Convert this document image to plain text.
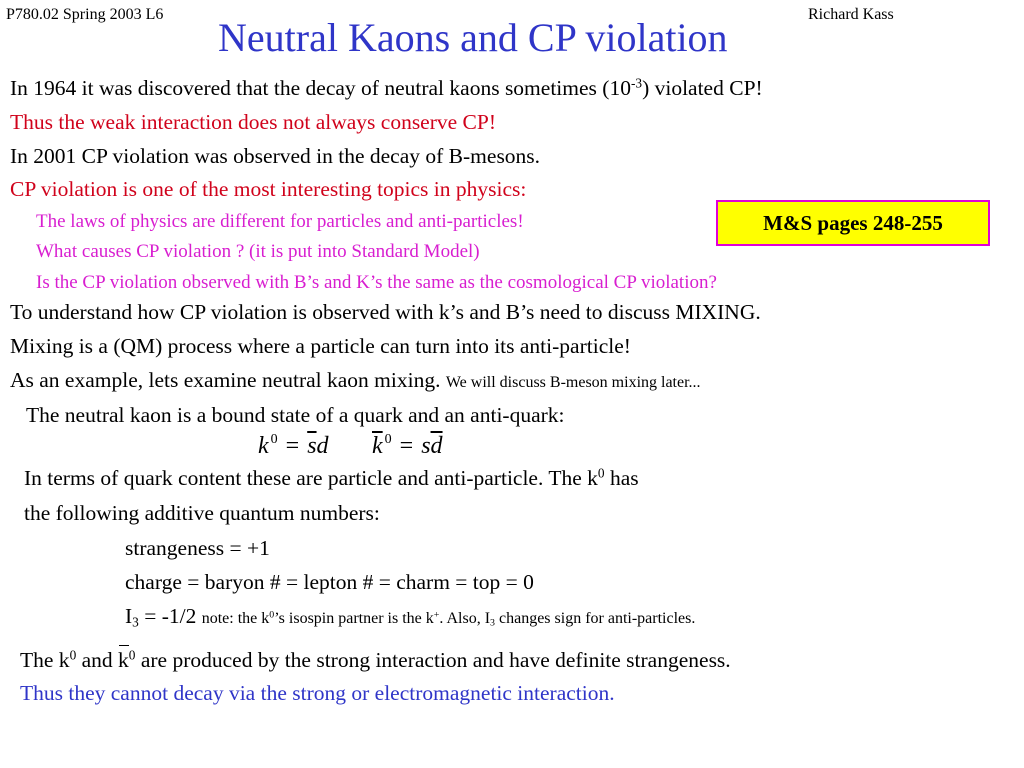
P780.02 Spring 2003 L6	Richard Kass
Neutral Kaons and CP violation
In 1964 it was discovered that the decay of neutral kaons sometimes $(10^{-3})$ violated CP!
Thus the weak interaction does not always conserve CP!
In 2001 CP violation was observed in the decay of B-mesons.
CP violation is one of the most interesting topics in physics:
The laws of physics are different for particles and anti-particles!
What causes CP violation ? (it is put into Standard Model)
Is the CP violation observed with B’s and K’s the same as the cosmological CP violation?
M&S pages 248-255
To understand how CP violation is observed with k’s and B’s need to discuss MIXING.
Mixing is a (QM) process where a particle can turn into its anti-particle!
As an example, lets examine neutral kaon mixing. We will discuss B-meson mixing later...
The neutral kaon is a bound state of a quark and an anti-quark:
k $^0 = \overline{s}d$ $\overline{k}$ $^0 = s\overline{d}$
In terms of quark content these are particle and anti-particle. The $k^0$ has
the following additive quantum numbers:
strangeness = +1
charge = baryon # = lepton # = charm = top = 0
$I_3 = -1/2$ note: the $k^0’s$ isospin partner is the k+. Also, $I_3$ changes sign for anti-particles.
The $k^0$ and $k^0$ are produced by the strong interaction and have definite strangeness.
Thus they cannot decay via the strong or electromagnetic interaction.
